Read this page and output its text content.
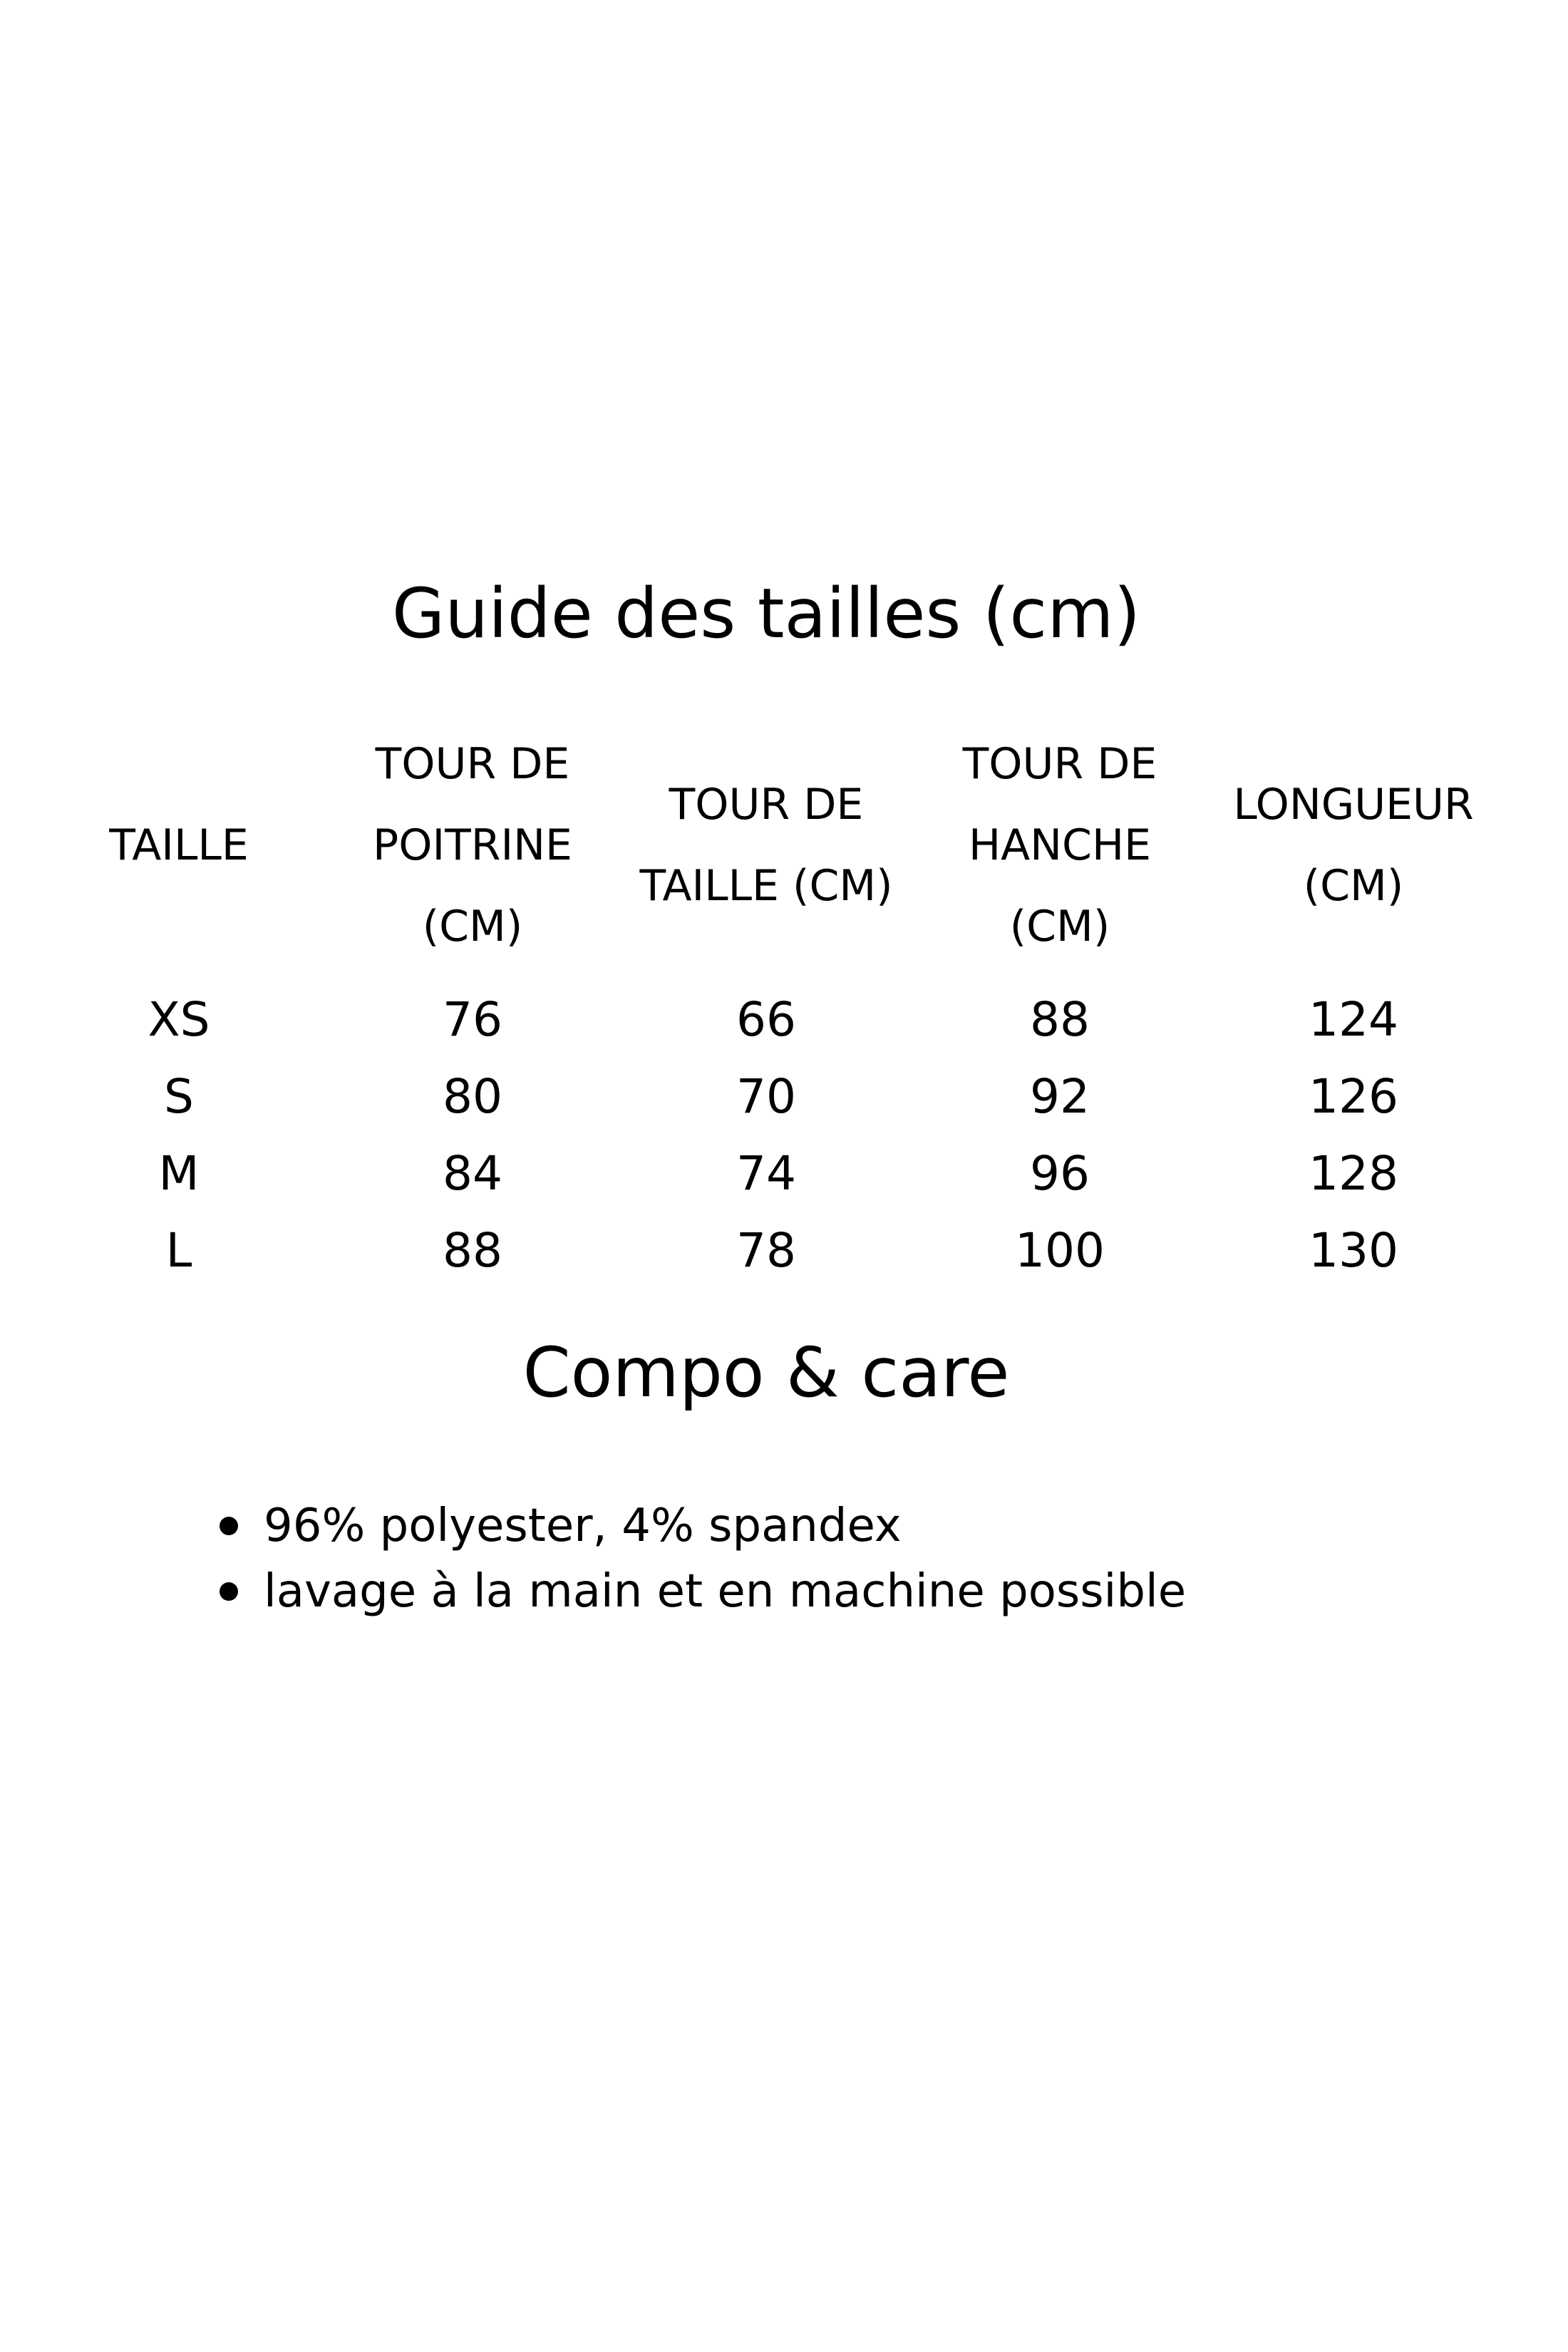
Guide des tailles (cm)
TAILLE	TOUR DE POITRINE (CM)	TOUR DE TAILLE (CM)	TOUR DE HANCHE (CM)	LONGUEUR (CM)

XS	76	66	88	124
S	80	70	92	126
M	84	74	96	128
L	88	78	100	130
Compo & care
96% polyester, 4% spandex
lavage à la main et en machine possible
